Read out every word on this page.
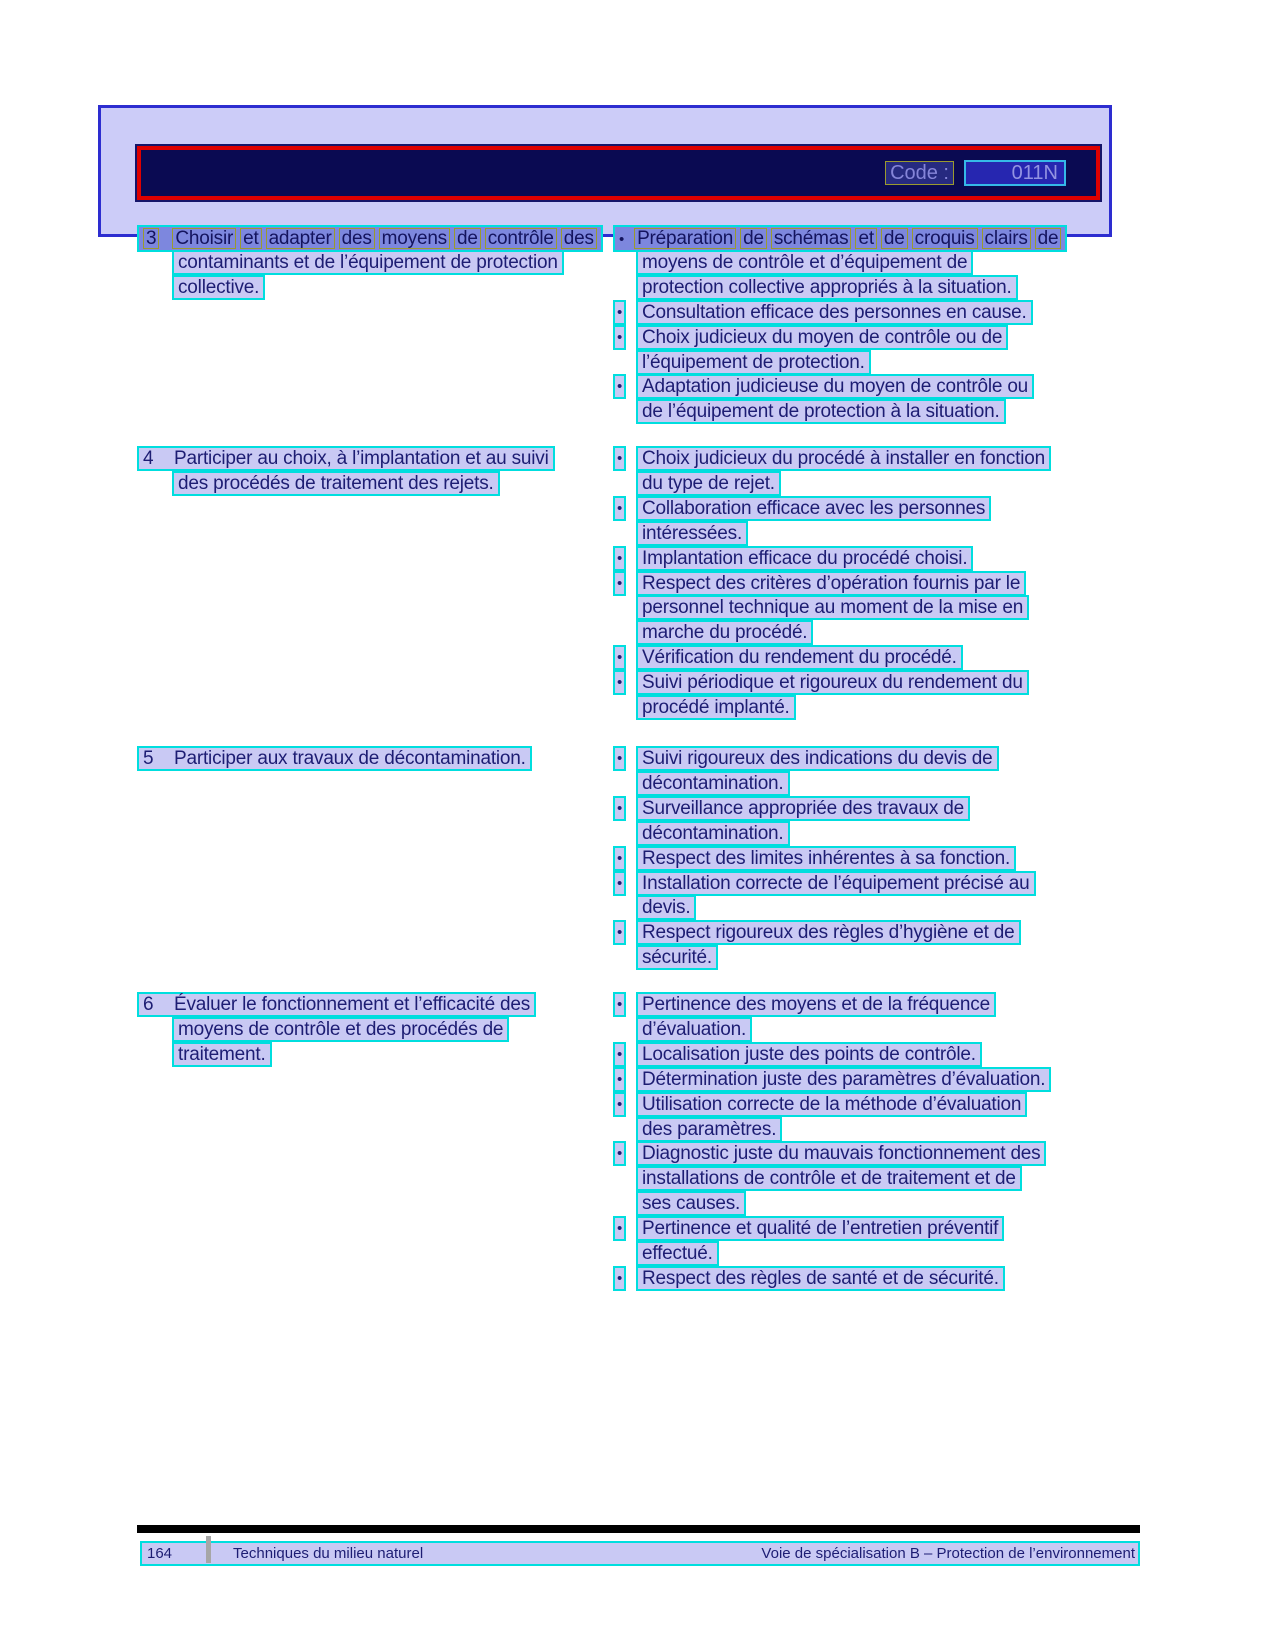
Code :	011N
3 Choisir et adapter des moyens de contrôle des
contaminants et de l’équipement de protection
collective.
• Préparation de schémas et de croquis clairs de
moyens de contrôle et d’équipement de
protection collective appropriés à la situation.
•	Consultation efficace des personnes en cause.
•	Choix judicieux du moyen de contrôle ou de
l’équipement de protection.
•	Adaptation judicieuse du moyen de contrôle ou
de l’équipement de protection à la situation.
4 Participer au choix, à l’implantation et au suivi
des procédés de traitement des rejets.
•	Choix judicieux du procédé à installer en fonction
du type de rejet.
•	Collaboration efficace avec les personnes
intéressées.
•	Implantation efficace du procédé choisi.
•	Respect des critères d’opération fournis par le
personnel technique au moment de la mise en
marche du procédé.
•	Vérification du rendement du procédé.
•	Suivi périodique et rigoureux du rendement du
procédé implanté.
5 Participer aux travaux de décontamination.	•	Suivi rigoureux des indications du devis de
décontamination.
•	Surveillance appropriée des travaux de
décontamination.
•	Respect des limites inhérentes à sa fonction.
•	Installation correcte de l’équipement précisé au
devis.
•	Respect rigoureux des règles d’hygiène et de
sécurité.
6 Évaluer le fonctionnement et l’efficacité des
moyens de contrôle et des procédés de
traitement.
•	Pertinence des moyens et de la fréquence
d’évaluation.
•	Localisation juste des points de contrôle.
•	Détermination juste des paramètres d’évaluation.
•	Utilisation correcte de la méthode d’évaluation
des paramètres.
•	Diagnostic juste du mauvais fonctionnement des
installations de contrôle et de traitement et de
ses causes.
•	Pertinence et qualité de l’entretien préventif
effectué.
•	Respect des règles de santé et de sécurité.
164	Techniques du milieu naturel	Voie de spécialisation B – Protection de l’environnement
